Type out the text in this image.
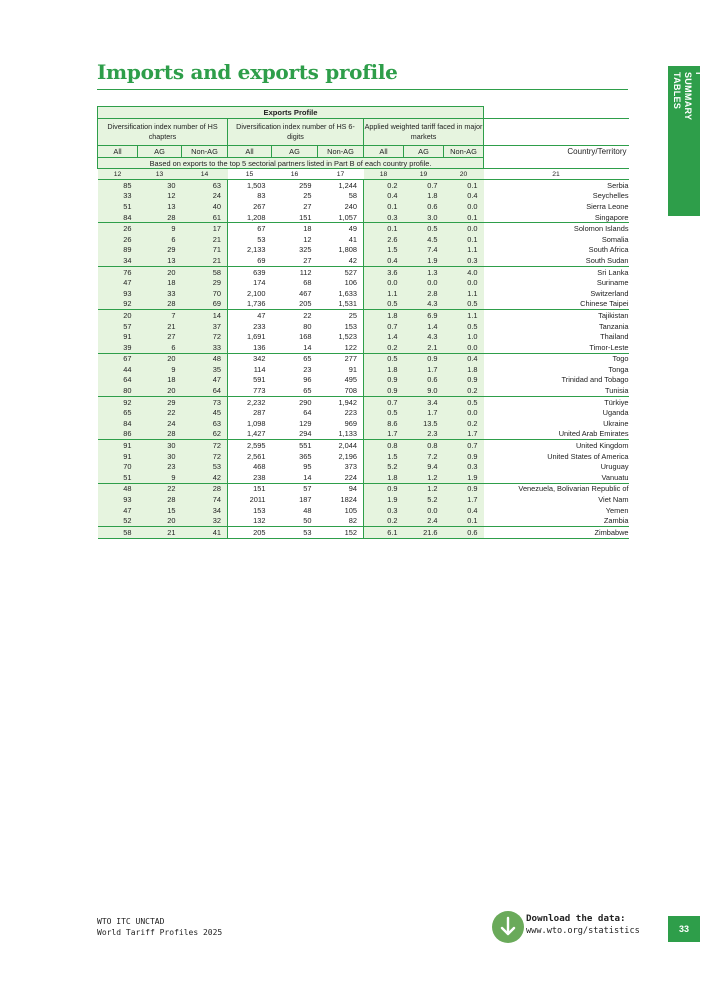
Imports and exports profile	I
SUMMARY
TABLES
Exports Profile									
Diversification index number of HS chapters			Diversification index number of HS 6-digits			Applied weighted tariff faced in major markets			
All	AG	Non-AG	All	AG	Non-AG	All	AG	Non-AG	Country/Territory
Based on exports to the top 5 sectorial partners listed in Part B of each country profile.									
12	13	14	15	16	17	18	19	20	21
85	30	63	1,503	259	1,244	0.2	0.7	0.1	Serbia
33	12	24	83	25	58	0.4	1.8	0.4	Seychelles
51	13	40	267	27	240	0.1	0.6	0.0	Sierra Leone
84	28	61	1,208	151	1,057	0.3	3.0	0.1	Singapore
26	9	17	67	18	49	0.1	0.5	0.0	Solomon Islands
26	6	21	53	12	41	2.6	4.5	0.1	Somalia
89	29	71	2,133	325	1,808	1.5	7.4	1.1	South Africa
34	13	21	69	27	42	0.4	1.9	0.3	South Sudan
76	20	58	639	112	527	3.6	1.3	4.0	Sri Lanka
47	18	29	174	68	106	0.0	0.0	0.0	Suriname
93	33	70	2,100	467	1,633	1.1	2.8	1.1	Switzerland
92	28	69	1,736	205	1,531	0.5	4.3	0.5	Chinese Taipei
20	7	14	47	22	25	1.8	6.9	1.1	Tajikistan
57	21	37	233	80	153	0.7	1.4	0.5	Tanzania
91	27	72	1,691	168	1,523	1.4	4.3	1.0	Thailand
39	6	33	136	14	122	0.2	2.1	0.0	Timor-Leste
67	20	48	342	65	277	0.5	0.9	0.4	Togo
44	9	35	114	23	91	1.8	1.7	1.8	Tonga
64	18	47	591	96	495	0.9	0.6	0.9	Trinidad and Tobago
80	20	64	773	65	708	0.9	9.0	0.2	Tunisia
92	29	73	2,232	290	1,942	0.7	3.4	0.5	Türkiye
65	22	45	287	64	223	0.5	1.7	0.0	Uganda
84	24	63	1,098	129	969	8.6	13.5	0.2	Ukraine
86	28	62	1,427	294	1,133	1.7	2.3	1.7	United Arab Emirates
91	30	72	2,595	551	2,044	0.8	0.8	0.7	United Kingdom
91	30	72	2,561	365	2,196	1.5	7.2	0.9	United States of America
70	23	53	468	95	373	5.2	9.4	0.3	Uruguay
51	9	42	238	14	224	1.8	1.2	1.9	Vanuatu
48	22	28	151	57	94	0.9	1.2	0.9	Venezuela, Bolivarian Republic of
93	28	74	2011	187	1824	1.9	5.2	1.7	Viet Nam
47	15	34	153	48	105	0.3	0.0	0.4	Yemen
52	20	32	132	50	82	0.2	2.4	0.1	Zambia
58	21	41	205	53	152	6.1	21.6	0.6	Zimbabwe
WTO ITC UNCTAD
World Tariff Profiles 2025
Download the data:
www.wto.org/statistics	33
